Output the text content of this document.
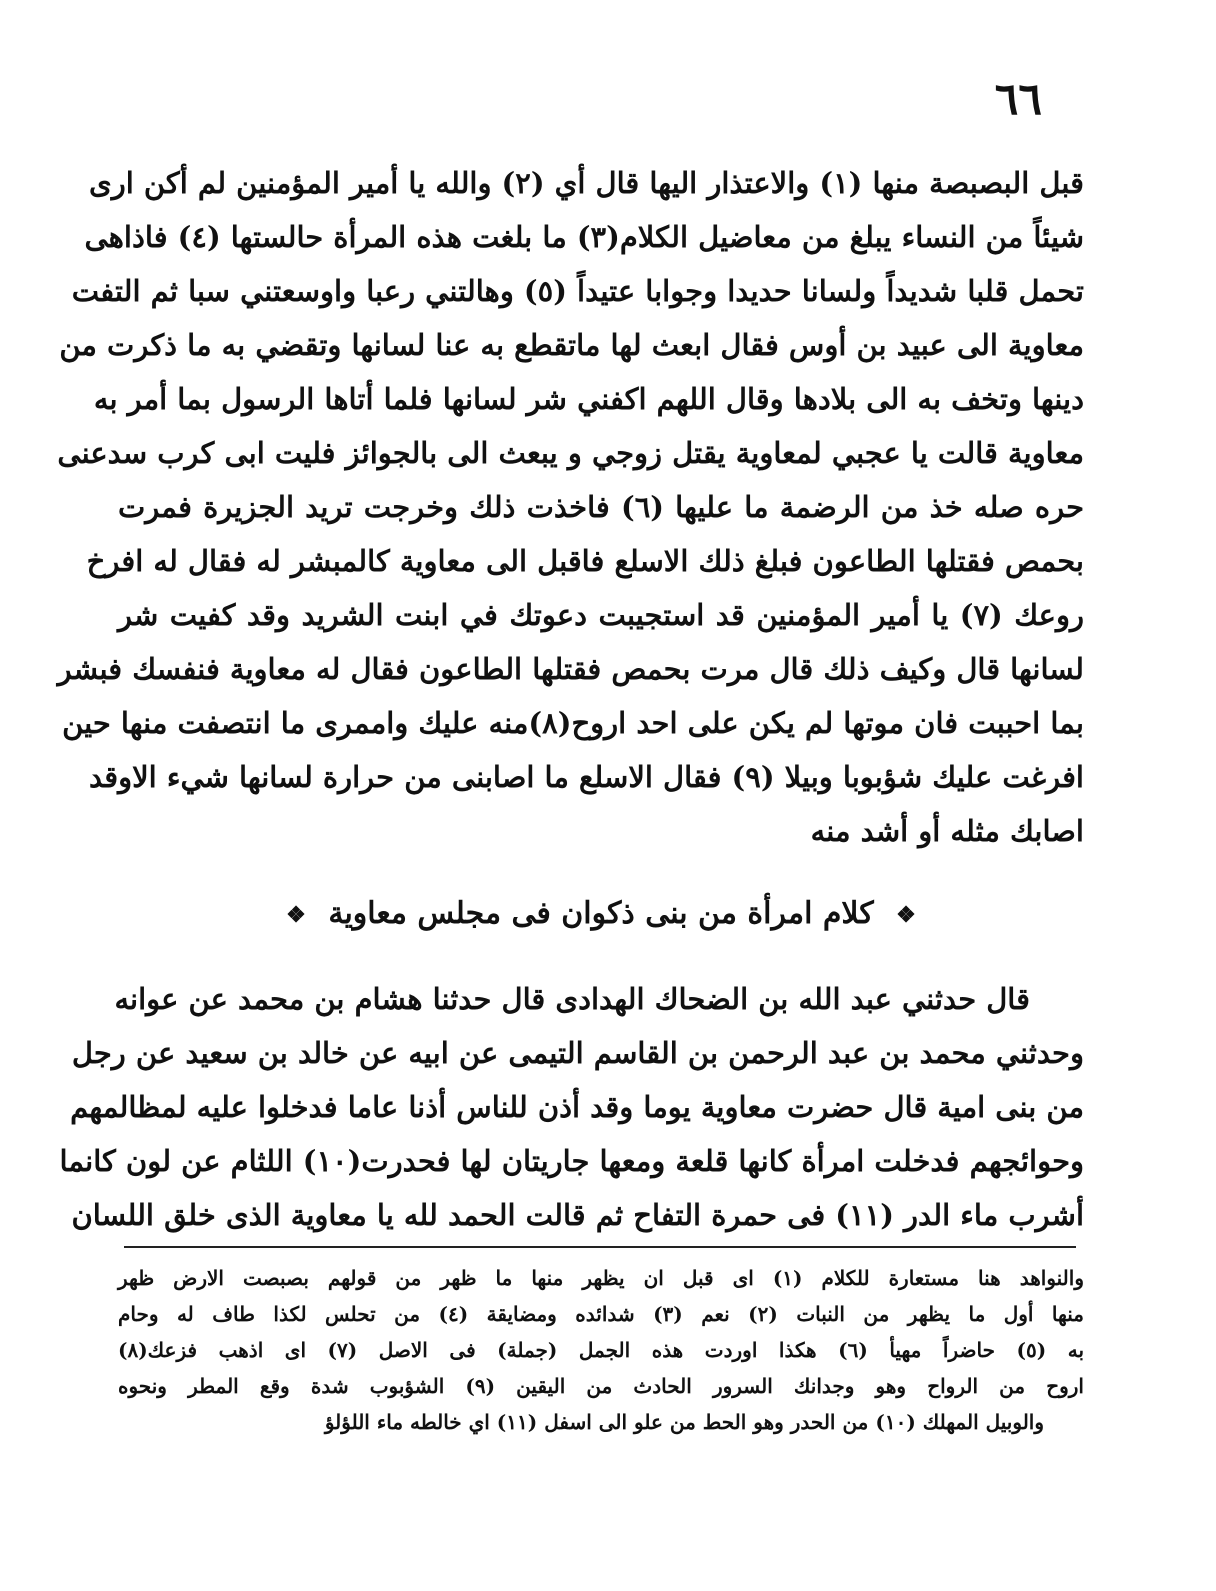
٦٦
قبل البصبصة منها (١) والاعتذار اليها قال أي (٢) والله يا أمير المؤمنين لم أكن ارى
شيئاً من النساء يبلغ من معاضيل الكلام(٣) ما بلغت هذه المرأة حالستها (٤) فاذاهى
تحمل قلبا شديداً ولسانا حديدا وجوابا عتيداً (٥) وهالتني رعبا واوسعتني سبا ثم التفت
معاوية الى عبيد بن أوس فقال ابعث لها ماتقطع به عنا لسانها وتقضي به ما ذكرت من
دينها وتخف به الى بلادها وقال اللهم اكفني شر لسانها فلما أتاها الرسول بما أمر به
معاوية قالت يا عجبي لمعاوية يقتل زوجي و يبعث الى بالجوائز فليت ابى كرب سدعنى
حره صله خذ من الرضمة ما عليها (٦) فاخذت ذلك وخرجت تريد الجزيرة فمرت
بحمص فقتلها الطاعون فبلغ ذلك الاسلع فاقبل الى معاوية كالمبشر له فقال له افرخ
روعك (٧) يا أمير المؤمنين قد استجيبت دعوتك في ابنت الشريد وقد كفيت شر
لسانها قال وكيف ذلك قال مرت بحمص فقتلها الطاعون فقال له معاوية فنفسك فبشر
بما احببت فان موتها لم يكن على احد اروح(٨)منه عليك واممرى ما انتصفت منها حين
افرغت عليك شؤبوبا وبيلا (٩) فقال الاسلع ما اصابنى من حرارة لسانها شيء الاوقد
اصابك مثله أو أشد منه
❖ كلام امرأة من بنى ذكوان فى مجلس معاوية ❖
قال حدثني عبد الله بن الضحاك الهدادى قال حدثنا هشام بن محمد عن عوانه
وحدثني محمد بن عبد الرحمن بن القاسم التيمى عن ابيه عن خالد بن سعيد عن رجل
من بنى امية قال حضرت معاوية يوما وقد أذن للناس أذنا عاما فدخلوا عليه لمظالمهم
وحوائجهم فدخلت امرأة كانها قلعة ومعها جاريتان لها فحدرت(١٠) اللثام عن لون كانما
أشرب ماء الدر (١١) فى حمرة التفاح ثم قالت الحمد لله يا معاوية الذى خلق اللسان
والنواهد هنا مستعارة للكلام (١) اى قبل ان يظهر منها ما ظهر من قولهم بصبصت الارض ظهر
منها أول ما يظهر من النبات (٢) نعم (٣) شدائده ومضايقة (٤) من تحلس لكذا طاف له وحام
به (٥) حاضراً مهيأ (٦) هكذا اوردت هذه الجمل (جملة) فى الاصل (٧) اى اذهب فزعك(٨)
اروح من الرواح وهو وجدانك السرور الحادث من اليقين (٩) الشؤبوب شدة وقع المطر ونحوه
والوبيل المهلك (١٠) من الحدر وهو الحط من علو الى اسفل (١١) اي خالطه ماء اللؤلؤ
